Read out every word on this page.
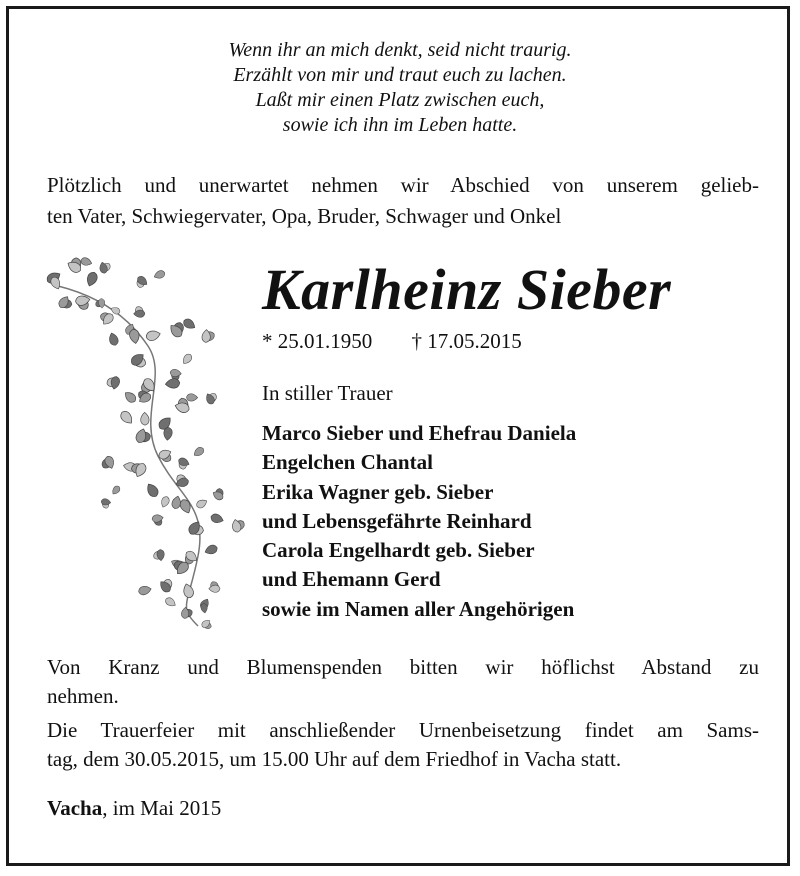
Wenn ihr an mich denkt, seid nicht traurig.
Erzählt von mir und traut euch zu lachen.
Laßt mir einen Platz zwischen euch,
sowie ich ihn im Leben hatte.
Plötzlich und unerwartet nehmen wir Abschied von unserem gelieb-
ten Vater, Schwiegervater, Opa, Bruder, Schwager und Onkel
Karlheinz Sieber
* 25.01.1950 † 17.05.2015
In stiller Trauer
Marco Sieber und Ehefrau Daniela
Engelchen Chantal
Erika Wagner geb. Sieber
und Lebensgefährte Reinhard
Carola Engelhardt geb. Sieber
und Ehemann Gerd
sowie im Namen aller Angehörigen
Von Kranz und Blumenspenden bitten wir höflichst Abstand zu
nehmen.
Die Trauerfeier mit anschließender Urnenbeisetzung findet am Sams-
tag, dem 30.05.2015, um 15.00 Uhr auf dem Friedhof in Vacha statt.
Vacha, im Mai 2015
